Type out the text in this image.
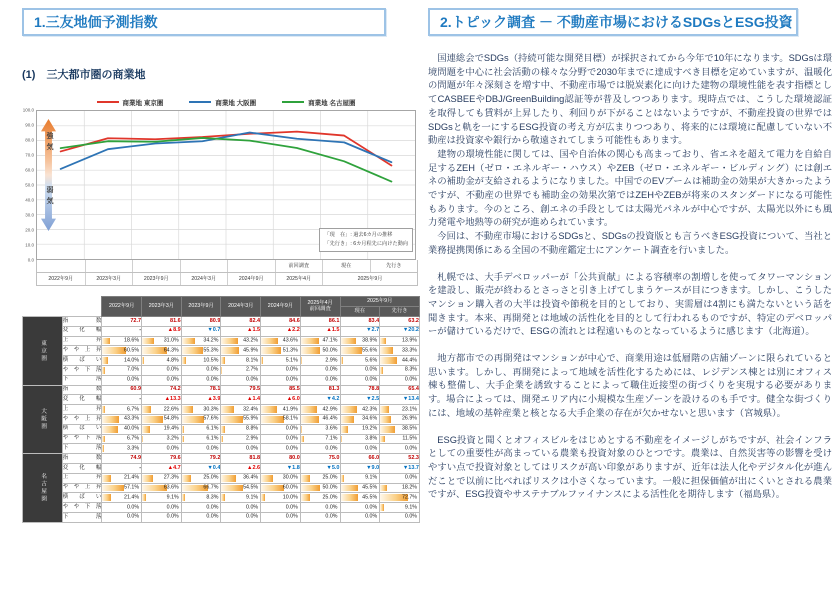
1.三友地価予測指数
(1)　三大都市圏の商業地
商業地 東京圏	商業地 大阪圏	商業地 名古屋圏
100.0
90.0
80.0
70.0
60.0
50.0
40.0
30.0
20.0
10.0
0.0
強気
弱気
「現　在」: 過去6カ月の推移
「先行き」: 6カ月程先に向けた動向
前回調査	現在	先行き
2022年9月	2023年3月	2023年9月	2024年3月	2024年9月	2025年4月	2025年9月
		2022年9月	2023年3月	2023年9月	2024年3月	2024年9月	2025年4月
前回調査	2025年9月	
								現在	先行き
東京圏	指数	72.7	81.6	80.9	82.4	84.6	86.1	83.4	63.2
	変化幅	-	▲8.9	▼0.7	▲1.5	▲2.2	▲1.5	▼2.7	▼20.2
	上昇	18.6%	31.0%	34.2%	43.2%	43.6%	47.1%	38.9%	13.9%

	やや上昇	60.5%	64.3%	55.3%	45.9%	51.3%	50.0%	55.6%	33.3%

	横ばい	14.0%	4.8%	10.5%	8.1%	5.1%	2.9%	5.6%	44.4%

	やや下落	7.0%	0.0%	0.0%	2.7%	0.0%	0.0%	0.0%	8.3%

	下落	0.0%	0.0%	0.0%	0.0%	0.0%	0.0%	0.0%	0.0%

大阪圏	指数	60.9	74.2	78.1	79.5	85.5	81.3	78.8	65.4
	変化幅	-	▲13.3	▲3.9	▲1.4	▲6.0	▼4.2	▼2.5	▼13.4
	上昇	6.7%	22.6%	30.3%	32.4%	41.9%	42.9%	42.3%	23.1%

	やや上昇	43.3%	54.8%	57.6%	55.9%	58.1%	46.4%	34.6%	26.9%

	横ばい	40.0%	19.4%	6.1%	8.8%	0.0%	3.6%	19.2%	38.5%

	やや下落	6.7%	3.2%	6.1%	2.9%	0.0%	7.1%	3.8%	11.5%

	下落	3.3%	0.0%	0.0%	0.0%	0.0%	0.0%	0.0%	0.0%

名古屋圏	指数	74.9	79.6	79.2	81.8	80.0	75.0	66.0	52.3
	変化幅	-	▲4.7	▼0.4	▲2.6	▼1.8	▼5.0	▼9.0	▼13.7
	上昇	21.4%	27.3%	25.0%	36.4%	30.0%	25.0%	9.1%	0.0%

	やや上昇	57.1%	63.6%	66.7%	54.5%	60.0%	50.0%	45.5%	18.2%

	横ばい	21.4%	9.1%	8.3%	9.1%	10.0%	25.0%	45.5%	72.7%

	やや下落	0.0%	0.0%	0.0%	0.0%	0.0%	0.0%	0.0%	9.1%

	下落	0.0%	0.0%	0.0%	0.0%	0.0%	0.0%	0.0%	0.0%
2.トピック調査 － 不動産市場におけるSDGsとESG投資

国連総会でSDGs（持続可能な開発目標）が採択されてから今年で10年になります。SDGsは環境問題を中心に社会活動の様々な分野で2030年までに達成すべき目標を定めていますが、温暖化の問題が年々深刻さを増す中、不動産市場では脱炭素化に向けた建物の環境性能を表す指標としてCASBEEやDBJ/GreenBuilding認証等が普及しつつあります。現時点では、こうした環境認証を取得しても賃料が上昇したり、利回りが下がることはないようですが、不動産投資の世界ではSDGsと軌を一にするESG投資の考え方が広まりつつあり、将来的には環境に配慮していない不動産は投資家や銀行から敬遠されてしまう可能性もあります。

建物の環境性能に関しては、国や自治体の関心も高まっており、省エネを超えて電力を自給自足するZEH（ゼロ・エネルギー・ハウス）やZEB（ゼロ・エネルギー・ビルディング）には創エネの補助金が支給されるようになりました。中国でのEVブームは補助金の効果が大きかったようですが、不動産の世界でも補助金の効果次第ではZEHやZEBが将来のスタンダードになる可能性もあります。今のところ、創エネの手段としては太陽光パネルが中心ですが、太陽光以外にも風力発電や地熱等の研究が進められています。

今回は、不動産市場におけるSDGsと、SDGsの投資版とも言うべきESG投資について、当社と業務提携関係にある全国の不動産鑑定士にアンケート調査を行いました。

札幌では、大手デベロッパーが「公共貢献」による容積率の割増しを使ってタワーマンションを建設し、販売が終わるとさっさと引き上げてしまうケースが目につきます。しかし、こうしたマンション購入者の大半は投資や節税を目的としており、実需層は4割にも満たないという話を聞きます。本来、再開発とは地域の活性化を目的として行われるものですが、特定のデベロッパーが儲けているだけで、ESGの流れとは程遠いものとなっているように感じます（北海道）。

地方都市での再開発はマンションが中心で、商業用途は低層階の店舗ゾーンに限られていると思います。しかし、再開発によって地域を活性化するためには、レジデンス棟とは別にオフィス棟も整備し、大手企業を誘致することによって職住近接型の街づくりを実現する必要があります。場合によっては、開発エリア内に小規模な生産ゾーンを設けるのも手です。健全な街づくりには、地域の基幹産業と核となる大手企業の存在が欠かせないと思います（宮城県）。

ESG投資と聞くとオフィスビルをはじめとする不動産をイメージしがちですが、社会インフラとしての重要性が高まっている農業も投資対象のひとつです。農業は、自然災害等の影響を受けやすい点で投資対象としてはリスクが高い印象がありますが、近年は法人化やデジタル化が進んだことで以前に比べればリスクは小さくなっています。一般に担保価値が出にくいとされる農業ですが、ESG投資やサステナブルファイナンスによる活性化を期待します（福島県）。
